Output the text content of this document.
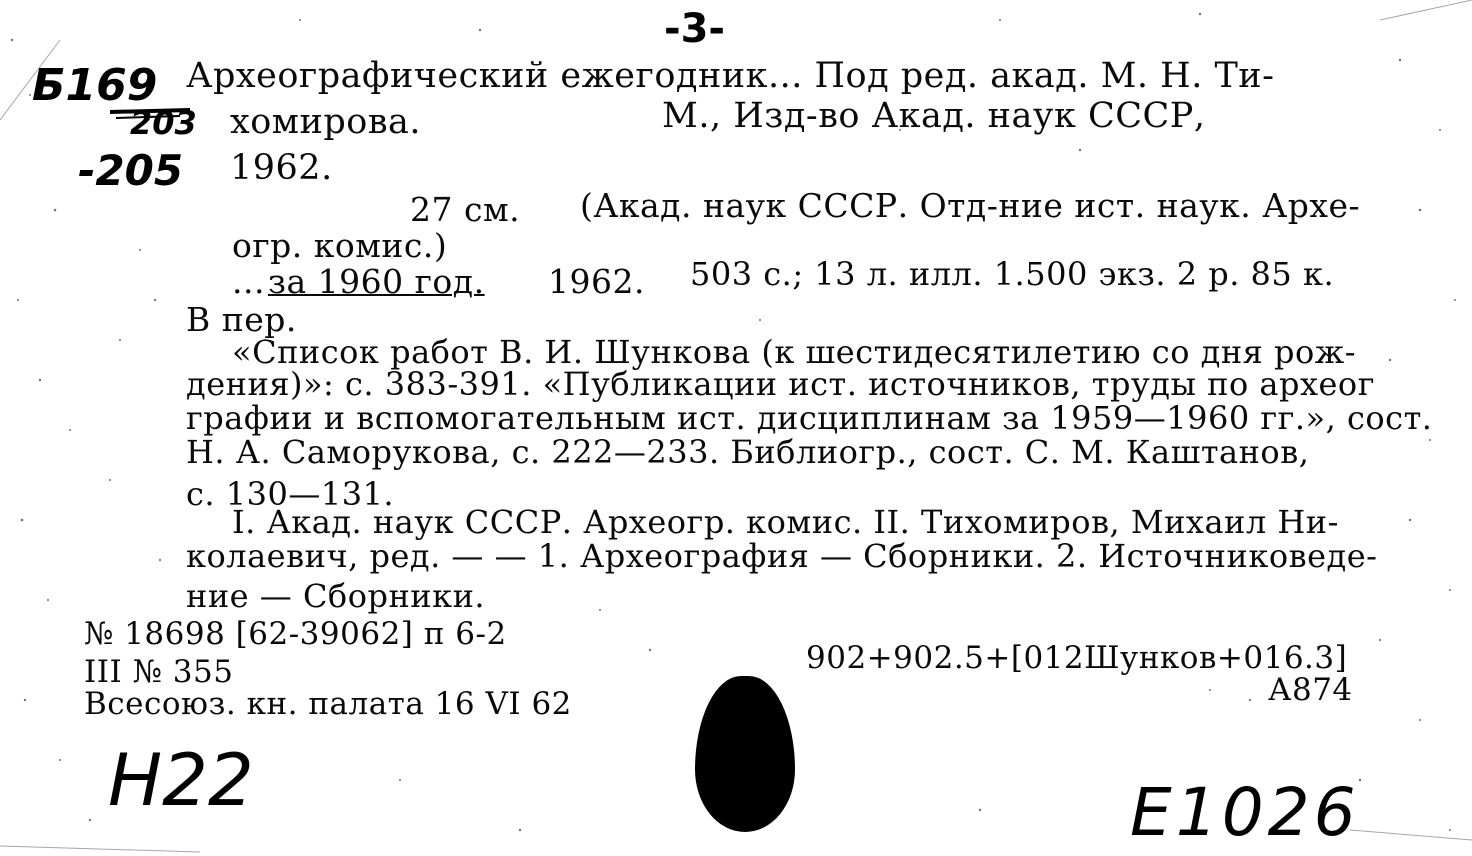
-3-
Б169
203
-205
Археографический ежегодник... Под ред. акад. М. Н. Ти-
хомирова.	М., Изд-во Акад. наук СССР,
1962.
27 см. (Акад. наук СССР. Отд-ние ист. наук. Архе-
огр. комис.)
... за 1960 год. 1962. 503 с.; 13 л. илл. 1.500 экз. 2 р. 85 к.
В пер.
«Список работ В. И. Шункова (к шестидесятилетию со дня рож-
дения)»: с. 383-391. «Публикации ист. источников, труды по археог
графии и вспомогательным ист. дисциплинам за 1959—1960 гг.», сост.
Н. А. Саморукова, с. 222—233. Библиогр., сост. С. М. Каштанов,
с. 130—131.
I. Акад. наук СССР. Археогр. комис. II. Тихомиров, Михаил Ни-
колаевич, ред. — — 1. Археография — Сборники. 2. Источниковеде-
ние — Сборники.
№ 18698 [62-39062] п 6-2
III № 355
Всесоюз. кн. палата 16 VI 62
902+902.5+[012Шунков+016.3]
А874
Н22	Е1026
